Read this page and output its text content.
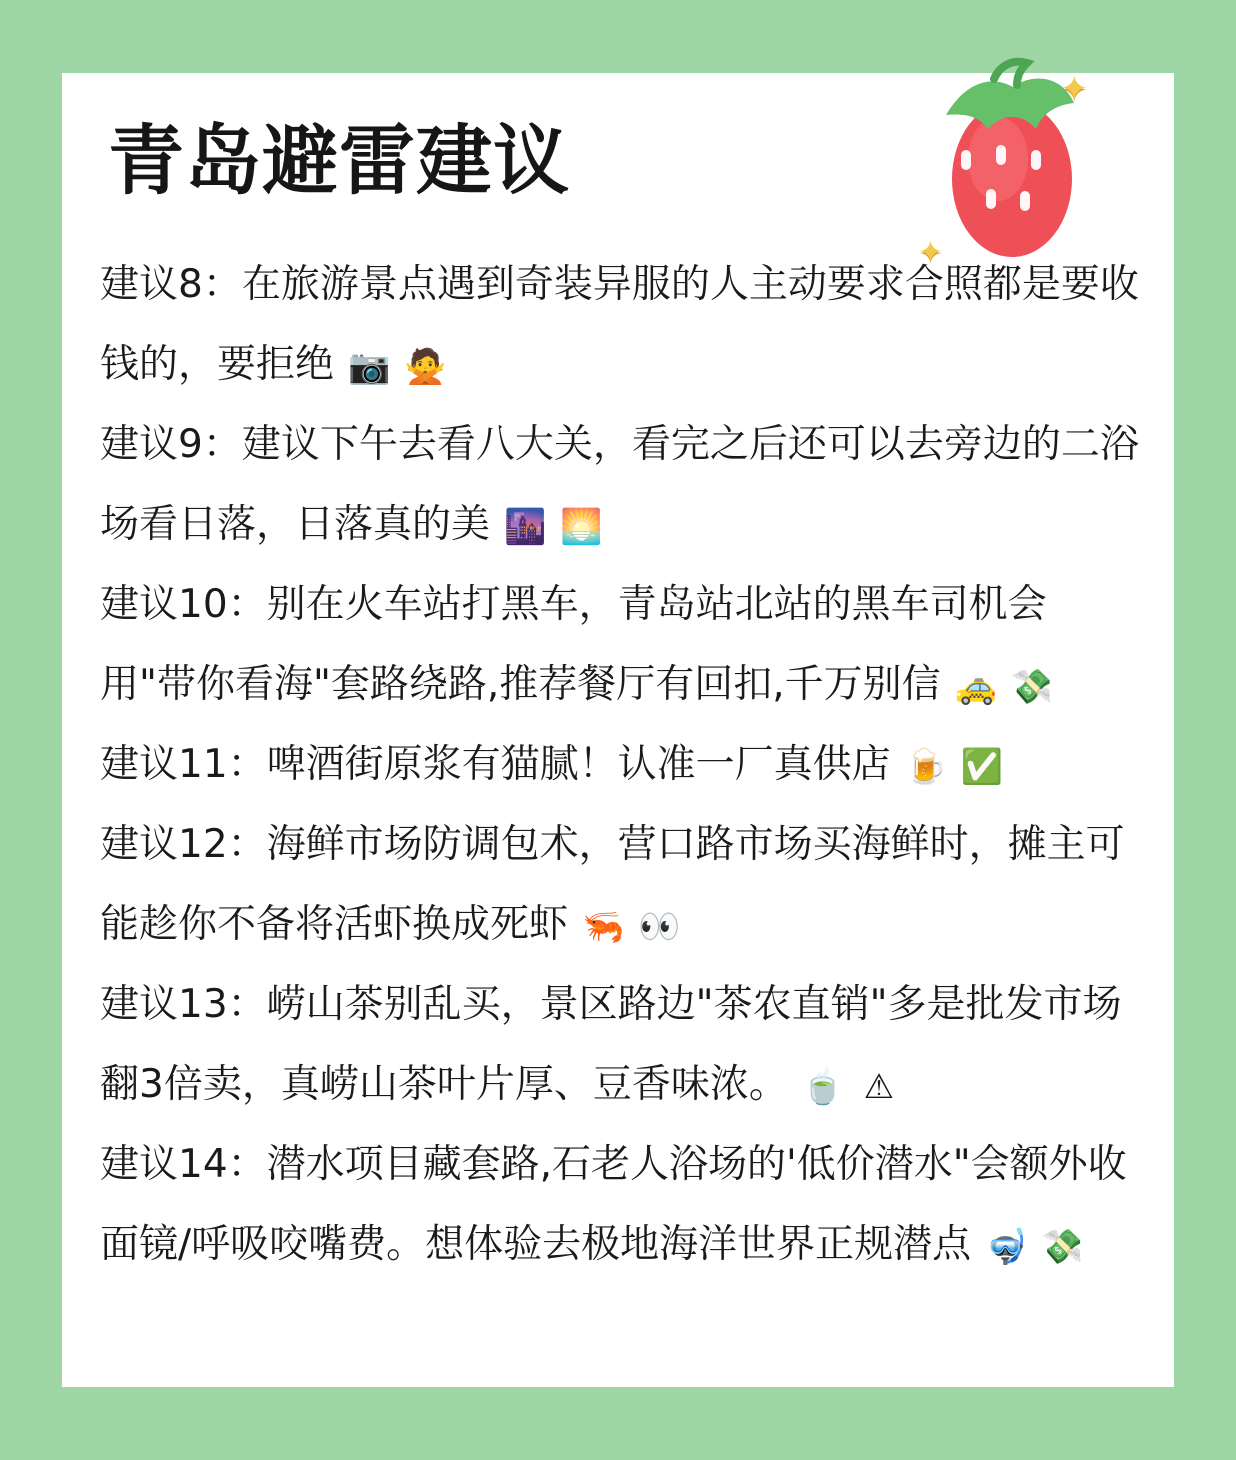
青岛避雷建议
建议8：在旅游景点遇到奇装异服的人主动要求合照都是要收钱的，要拒绝 📷 🙅
建议9：建议下午去看八大关，看完之后还可以去旁边的二浴场看日落，日落真的美 🌆 🌅
建议10：别在火车站打黑车，青岛站北站的黑车司机会用"带你看海"套路绕路,推荐餐厅有回扣,千万别信 🚕 💸
建议11：啤酒街原浆有猫腻！认准一厂真供店 🍺 ✅
建议12：海鲜市场防调包术，营口路市场买海鲜时，摊主可能趁你不备将活虾换成死虾 🦐 👀
建议13：崂山茶别乱买，景区路边"茶农直销"多是批发市场翻3倍卖，真崂山茶叶片厚、豆香味浓。 🍵 ⚠
建议14：潜水项目藏套路,石老人浴场的'低价潜水"会额外收面镜/呼吸咬嘴费。想体验去极地海洋世界正规潜点 🤿 💸
✦
✦
